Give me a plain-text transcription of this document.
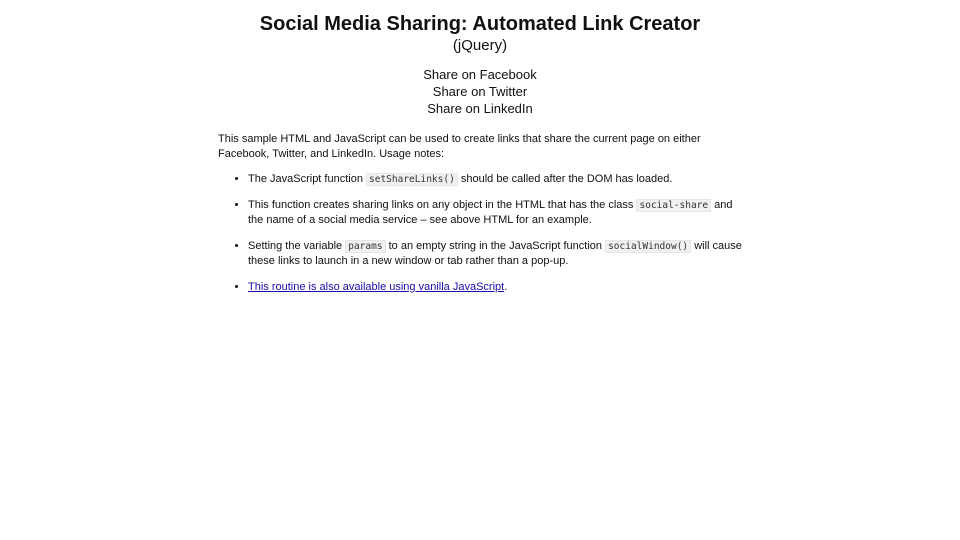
Social Media Sharing: Automated Link Creator
(jQuery)
Share on Facebook
Share on Twitter
Share on LinkedIn

This sample HTML and JavaScript can be used to create links that share the current page on either Facebook, Twitter, and LinkedIn. Usage notes:

• The JavaScript function setShareLinks() should be called after the DOM has loaded.
• This function creates sharing links on any object in the HTML that has the class social-share and the name of a social media service – see above HTML for an example.
• Setting the variable params to an empty string in the JavaScript function socialWindow() will cause these links to launch in a new window or tab rather than a pop-up.
• This routine is also available using vanilla JavaScript.
